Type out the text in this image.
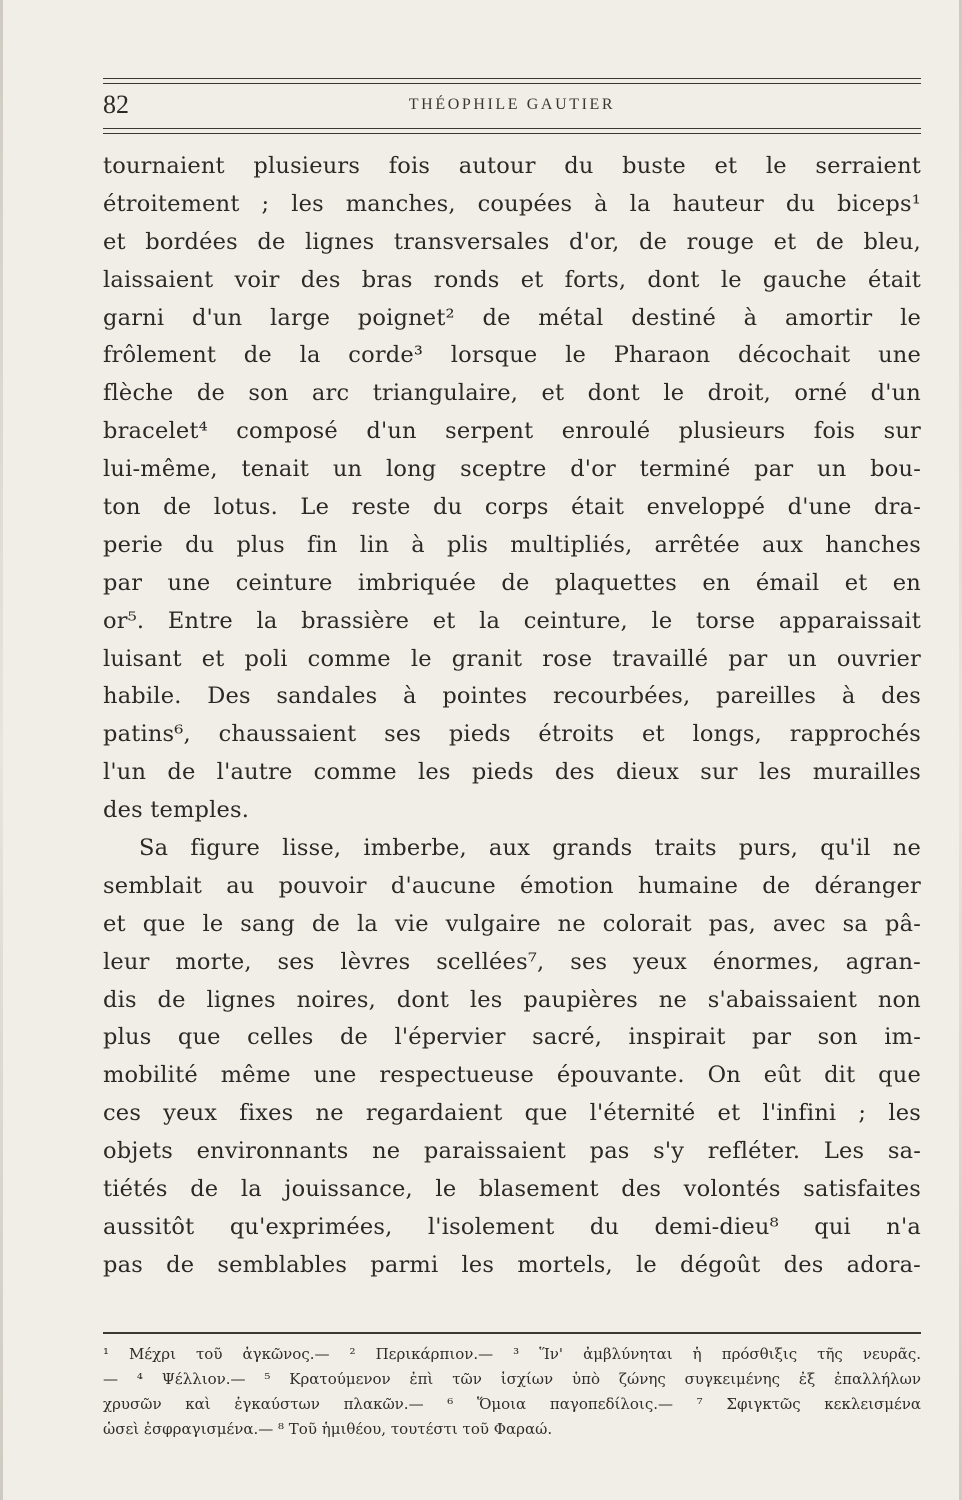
82	THÉOPHILE GAUTIER
tournaient plusieurs fois autour du buste et le serraient
étroitement ; les manches, coupées à la hauteur du biceps¹
et bordées de lignes transversales d'or, de rouge et de bleu,
laissaient voir des bras ronds et forts, dont le gauche était
garni d'un large poignet² de métal destiné à amortir le
frôlement de la corde³ lorsque le Pharaon décochait une
flèche de son arc triangulaire, et dont le droit, orné d'un
bracelet⁴ composé d'un serpent enroulé plusieurs fois sur
lui-même, tenait un long sceptre d'or terminé par un bou-
ton de lotus. Le reste du corps était enveloppé d'une dra-
perie du plus fin lin à plis multipliés, arrêtée aux hanches
par une ceinture imbriquée de plaquettes en émail et en
or⁵. Entre la brassière et la ceinture, le torse apparaissait
luisant et poli comme le granit rose travaillé par un ouvrier
habile. Des sandales à pointes recourbées, pareilles à des
patins⁶, chaussaient ses pieds étroits et longs, rapprochés
l'un de l'autre comme les pieds des dieux sur les murailles
des temples.
Sa figure lisse, imberbe, aux grands traits purs, qu'il ne
semblait au pouvoir d'aucune émotion humaine de déranger
et que le sang de la vie vulgaire ne colorait pas, avec sa pâ-
leur morte, ses lèvres scellées⁷, ses yeux énormes, agran-
dis de lignes noires, dont les paupières ne s'abaissaient non
plus que celles de l'épervier sacré, inspirait par son im-
mobilité même une respectueuse épouvante. On eût dit que
ces yeux fixes ne regardaient que l'éternité et l'infini ; les
objets environnants ne paraissaient pas s'y refléter. Les sa-
tiétés de la jouissance, le blasement des volontés satisfaites
aussitôt qu'exprimées, l'isolement du demi-dieu⁸ qui n'a
pas de semblables parmi les mortels, le dégoût des adora-
¹ Μέχρι τοῦ ἀγκῶνος.— ² Περικάρπιον.— ³ Ἵν' ἀμβλύνηται ἡ πρόσθιξις τῆς νευρᾶς.
— ⁴ Ψέλλιον.— ⁵ Κρατούμενον ἐπὶ τῶν ἰσχίων ὑπὸ ζώνης συγκειμένης ἐξ ἐπαλλήλων
χρυσῶν καὶ ἐγκαύστων πλακῶν.— ⁶ Ὅμοια παγοπεδίλοις.— ⁷ Σφιγκτῶς κεκλεισμένα
ὡσεὶ ἐσφραγισμένα.— ⁸ Τοῦ ἡμιθέου, τουτέστι τοῦ Φαραώ.
